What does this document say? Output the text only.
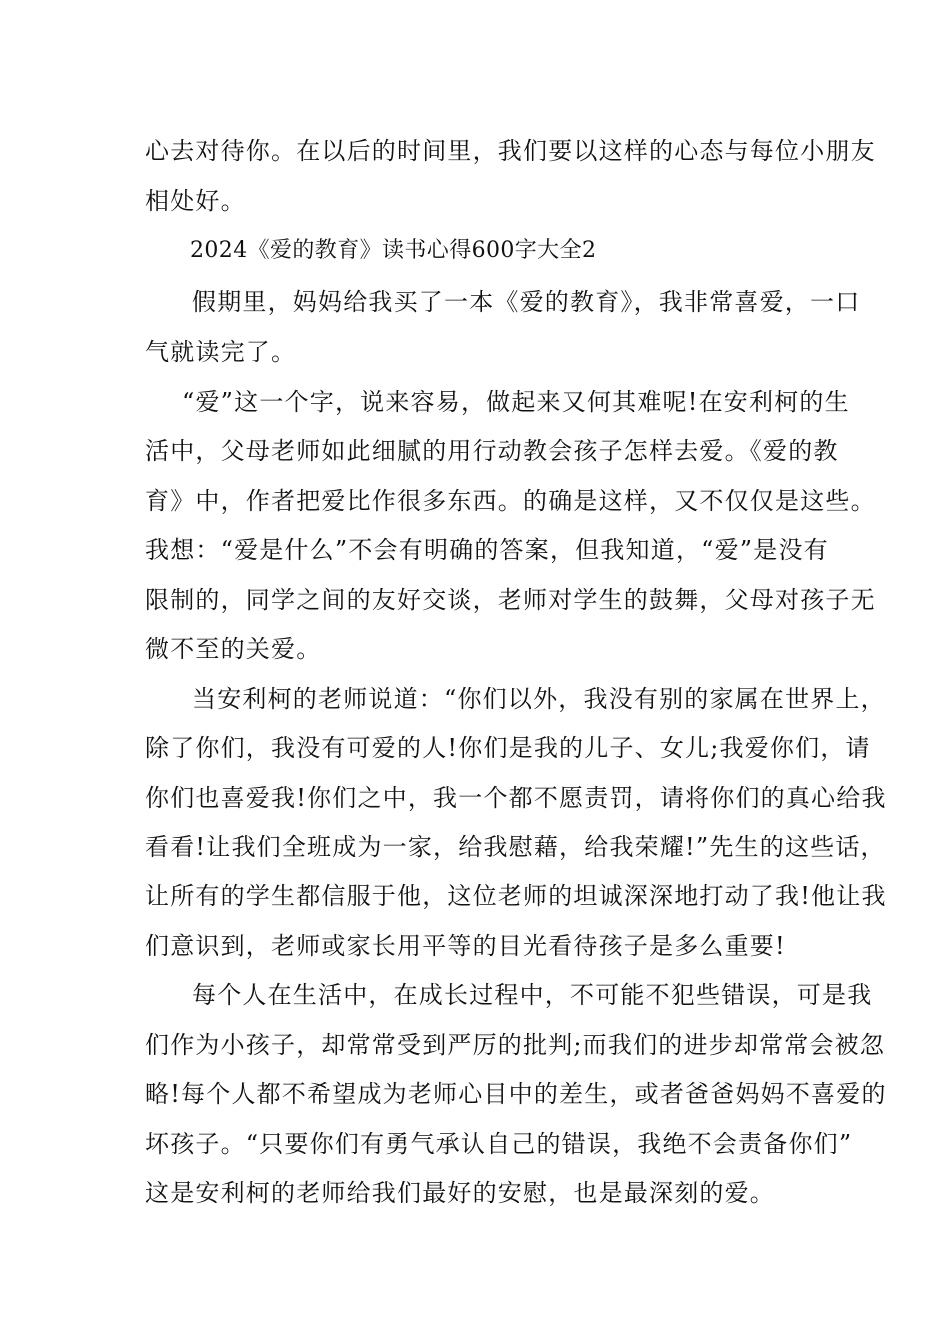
心去对待你。在以后的时间里，我们要以这样的心态与每位小朋友
相处好。
2024《爱的教育》读书心得600字大全2
假期里，妈妈给我买了一本《爱的教育》，我非常喜爱，一口
气就读完了。
“爱”这一个字，说来容易，做起来又何其难呢!在安利柯的生
活中，父母老师如此细腻的用行动教会孩子怎样去爱。《爱的教
育》中，作者把爱比作很多东西。的确是这样，又不仅仅是这些。
我想：“爱是什么”不会有明确的答案，但我知道，“爱”是没有
限制的，同学之间的友好交谈，老师对学生的鼓舞，父母对孩子无
微不至的关爱。
当安利柯的老师说道：“你们以外，我没有别的家属在世界上，
除了你们，我没有可爱的人!你们是我的儿子、女儿;我爱你们，请
你们也喜爱我!你们之中，我一个都不愿责罚，请将你们的真心给我
看看!让我们全班成为一家，给我慰藉，给我荣耀!”先生的这些话，
让所有的学生都信服于他，这位老师的坦诚深深地打动了我!他让我
们意识到，老师或家长用平等的目光看待孩子是多么重要!
每个人在生活中，在成长过程中，不可能不犯些错误，可是我
们作为小孩子，却常常受到严厉的批判;而我们的进步却常常会被忽
略!每个人都不希望成为老师心目中的差生，或者爸爸妈妈不喜爱的
坏孩子。“只要你们有勇气承认自己的错误，我绝不会责备你们”
这是安利柯的老师给我们最好的安慰，也是最深刻的爱。
